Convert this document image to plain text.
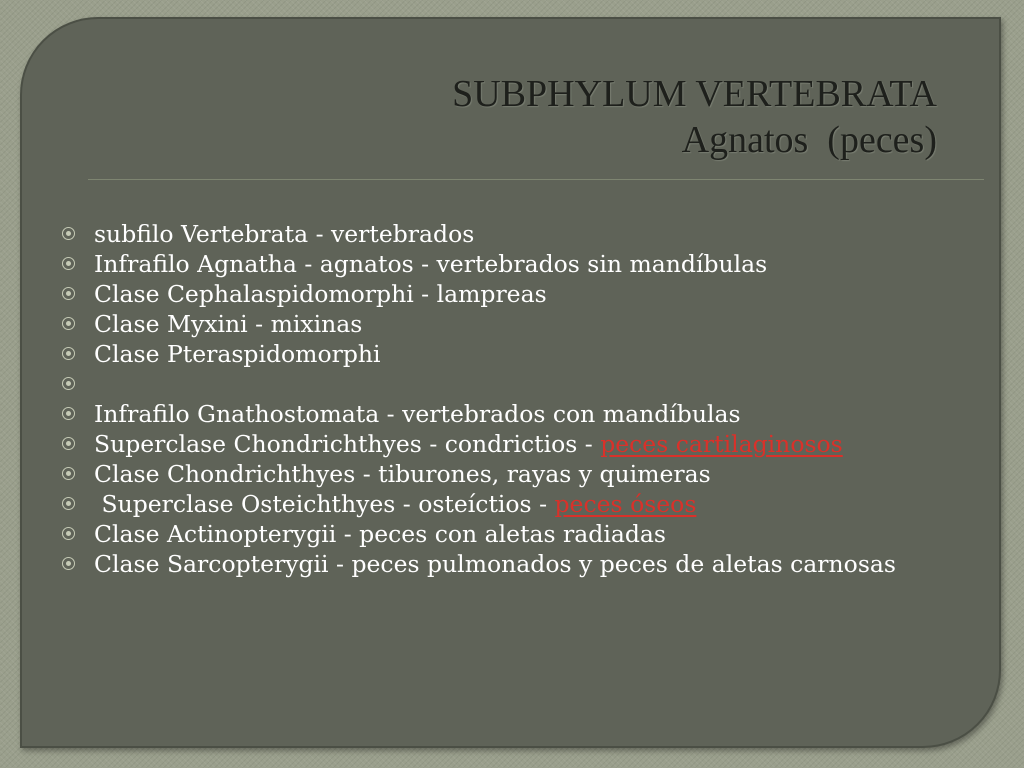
SUBPHYLUM VERTEBRATA
Agnatos  (peces)
subfilo Vertebrata - vertebrados
Infrafilo Agnatha - agnatos - vertebrados sin mandíbulas
Clase Cephalaspidomorphi - lampreas
Clase Myxini - mixinas
Clase Pteraspidomorphi
Infrafilo Gnathostomata - vertebrados con mandíbulas
Superclase Chondrichthyes - condrictios - peces cartilaginosos
Clase Chondrichthyes - tiburones, rayas y quimeras
Superclase Osteichthyes - osteíctios - peces óseos
Clase Actinopterygii - peces con aletas radiadas
Clase Sarcopterygii - peces pulmonados y peces de aletas carnosas
